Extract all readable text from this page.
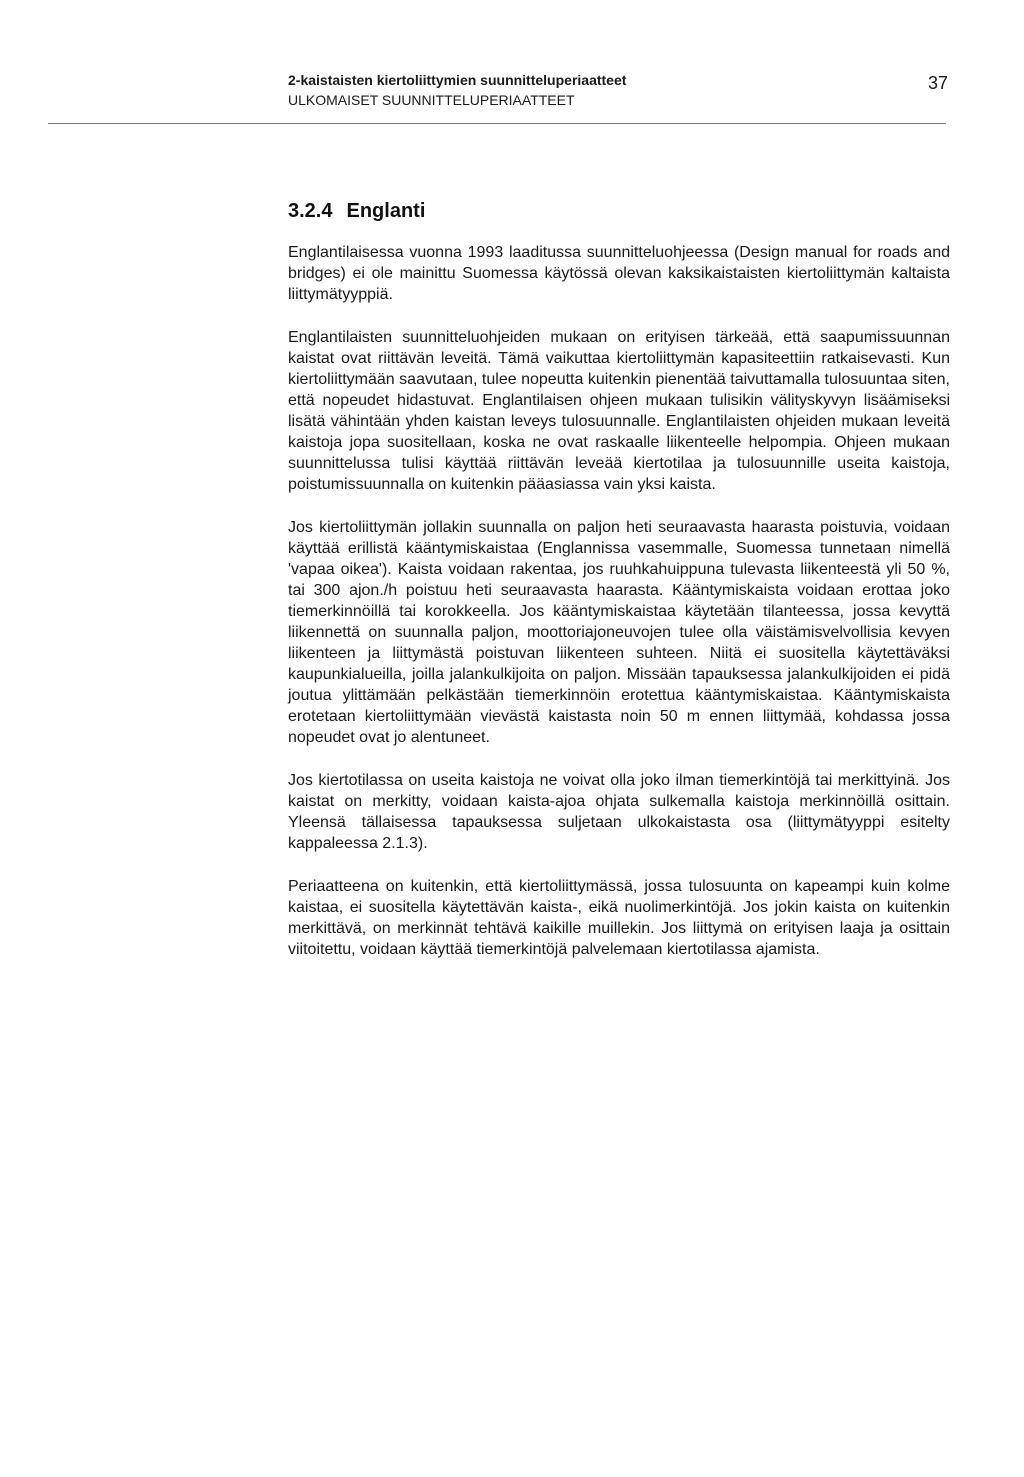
2-kaistaisten kiertoliittymien suunnitteluperiaatteet
ULKOMAISET SUUNNITTELUPERIAATTEET
37
3.2.4 Englanti

Englantilaisessa vuonna 1993 laaditussa suunnitteluohjeessa (Design manual for roads and bridges) ei ole mainittu Suomessa käytössä olevan kaksikaistaisten kiertoliittymän kaltaista liittymätyyppiä.

Englantilaisten suunnitteluohjeiden mukaan on erityisen tärkeää, että saapumissuunnan kaistat ovat riittävän leveitä. Tämä vaikuttaa kiertoliittymän kapasiteettiin ratkaisevasti. Kun kiertoliittymään saavutaan, tulee nopeutta kuitenkin pienentää taivuttamalla tulosuuntaa siten, että nopeudet hidastuvat. Englantilaisen ohjeen mukaan tulisikin välityskyvyn lisäämiseksi lisätä vähintään yhden kaistan leveys tulosuunnalle. Englantilaisten ohjeiden mukaan leveitä kaistoja jopa suositellaan, koska ne ovat raskaalle liikenteelle helpompia. Ohjeen mukaan suunnittelussa tulisi käyttää riittävän leveää kiertotilaa ja tulosuunnille useita kaistoja, poistumissuunnalla on kuitenkin pääasiassa vain yksi kaista.

Jos kiertoliittymän jollakin suunnalla on paljon heti seuraavasta haarasta poistuvia, voidaan käyttää erillistä kääntymiskaistaa (Englannissa vasemmalle, Suomessa tunnetaan nimellä 'vapaa oikea'). Kaista voidaan rakentaa, jos ruuhkahuippuna tulevasta liikenteestä yli 50 %, tai 300 ajon./h poistuu heti seuraavasta haarasta. Kääntymiskaista voidaan erottaa joko tiemerkinnöillä tai korokkeella. Jos kääntymiskaistaa käytetään tilanteessa, jossa kevyttä liikennettä on suunnalla paljon, moottoriajoneuvojen tulee olla väistämisvelvollisia kevyen liikenteen ja liittymästä poistuvan liikenteen suhteen. Niitä ei suositella käytettäväksi kaupunkialueilla, joilla jalankulkijoita on paljon. Missään tapauksessa jalankulkijoiden ei pidä joutua ylittämään pelkästään tiemerkinnöin erotettua kääntymiskaistaa. Kääntymiskaista erotetaan kiertoliittymään vievästä kaistasta noin 50 m ennen liittymää, kohdassa jossa nopeudet ovat jo alentuneet.

Jos kiertotilassa on useita kaistoja ne voivat olla joko ilman tiemerkintöjä tai merkittyinä. Jos kaistat on merkitty, voidaan kaista-ajoa ohjata sulkemalla kaistoja merkinnöillä osittain. Yleensä tällaisessa tapauksessa suljetaan ulkokaistasta osa (liittymätyyppi esitelty kappaleessa 2.1.3).

Periaatteena on kuitenkin, että kiertoliittymässä, jossa tulosuunta on kapeampi kuin kolme kaistaa, ei suositella käytettävän kaista-, eikä nuolimerkintöjä. Jos jokin kaista on kuitenkin merkittävä, on merkinnät tehtävä kaikille muillekin. Jos liittymä on erityisen laaja ja osittain viitoitettu, voidaan käyttää tiemerkintöjä palvelemaan kiertotilassa ajamista.
